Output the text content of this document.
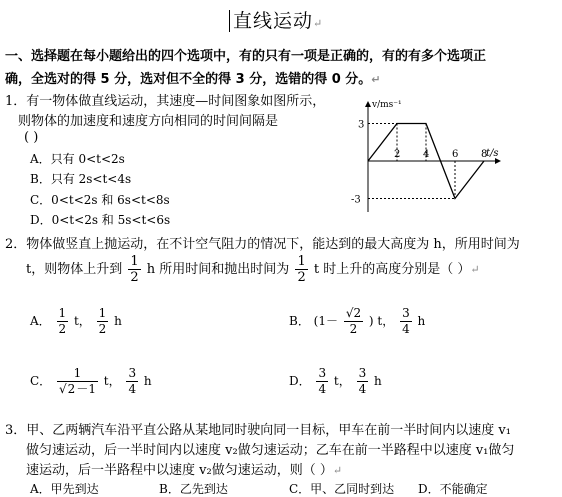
直线运动↵
一、选择题在每小题给出的四个选项中，有的只有一项是正确的，有的有多个选项正
确，全选对的得 5 分，选对但不全的得 3 分，选错的得 0 分。↵
1．有一物体做直线运动，其速度—时间图象如图所示，
则物体的加速度和速度方向相同的时间间隔是
( )
A．只有 0<t<2s
B．只有 2s<t<4s
C．0<t<2s 和 6s<t<8s
D．0<t<2s 和 5s<t<6s
v/ms⁻¹
t/s
3
-3
2 4 6 8
2．物体做竖直上抛运动，在不计空气阻力的情况下，能达到的最大高度为 h，所用时间为
t，则物体上升到 $\frac{1}{2}$ h 所用时间和抛出时间为 $\frac{1}{2}$ t 时上升的高度分别是（ ）↵
A． $\frac{1}{2}$ t， $\frac{1}{2}$ h	B． ($1- \frac{√2}{2}$ ) t， $\frac{3}{4}$ h
C． $\frac{1}{√2-1}$ t， $\frac{3}{4}$ h	D． $\frac{3}{4}$ t， $\frac{3}{4}$ h
3．甲、乙两辆汽车沿平直公路从某地同时驶向同一目标，甲车在前一半时间内以速度 v₁
做匀速运动，后一半时间内以速度 v₂做匀速运动；乙车在前一半路程中以速度 v₁做匀
速运动，后一半路程中以速度 v₂做匀速运动，则（ ）↵
A．甲先到达	B．乙先到达	C．甲、乙同时到达 D．不能确定
